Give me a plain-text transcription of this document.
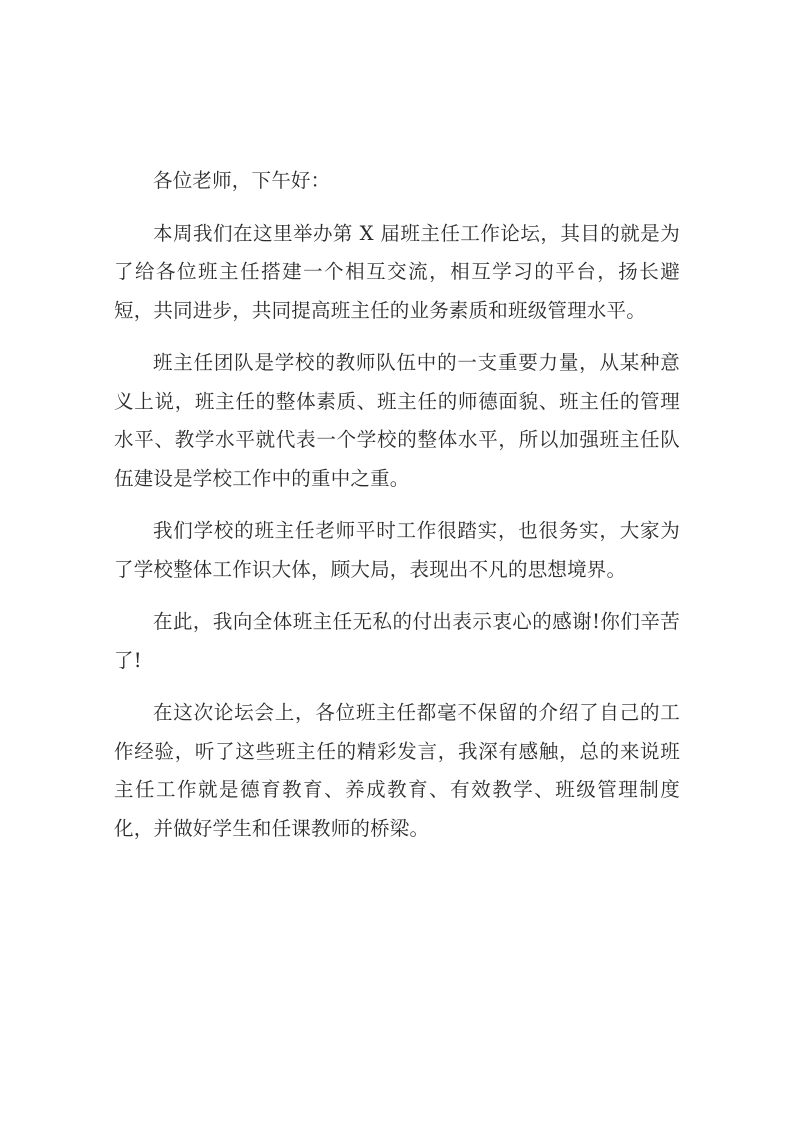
各位老师，下午好：

本周我们在这里举办第 X 届班主任工作论坛，其目的就是为了给各位班主任搭建一个相互交流，相互学习的平台，扬长避短，共同进步，共同提高班主任的业务素质和班级管理水平。

班主任团队是学校的教师队伍中的一支重要力量，从某种意义上说，班主任的整体素质、班主任的师德面貌、班主任的管理水平、教学水平就代表一个学校的整体水平，所以加强班主任队伍建设是学校工作中的重中之重。

我们学校的班主任老师平时工作很踏实，也很务实，大家为了学校整体工作识大体，顾大局，表现出不凡的思想境界。

在此，我向全体班主任无私的付出表示衷心的感谢!你们辛苦了!

在这次论坛会上，各位班主任都毫不保留的介绍了自己的工作经验，听了这些班主任的精彩发言，我深有感触，总的来说班主任工作就是德育教育、养成教育、有效教学、班级管理制度化，并做好学生和任课教师的桥梁。
